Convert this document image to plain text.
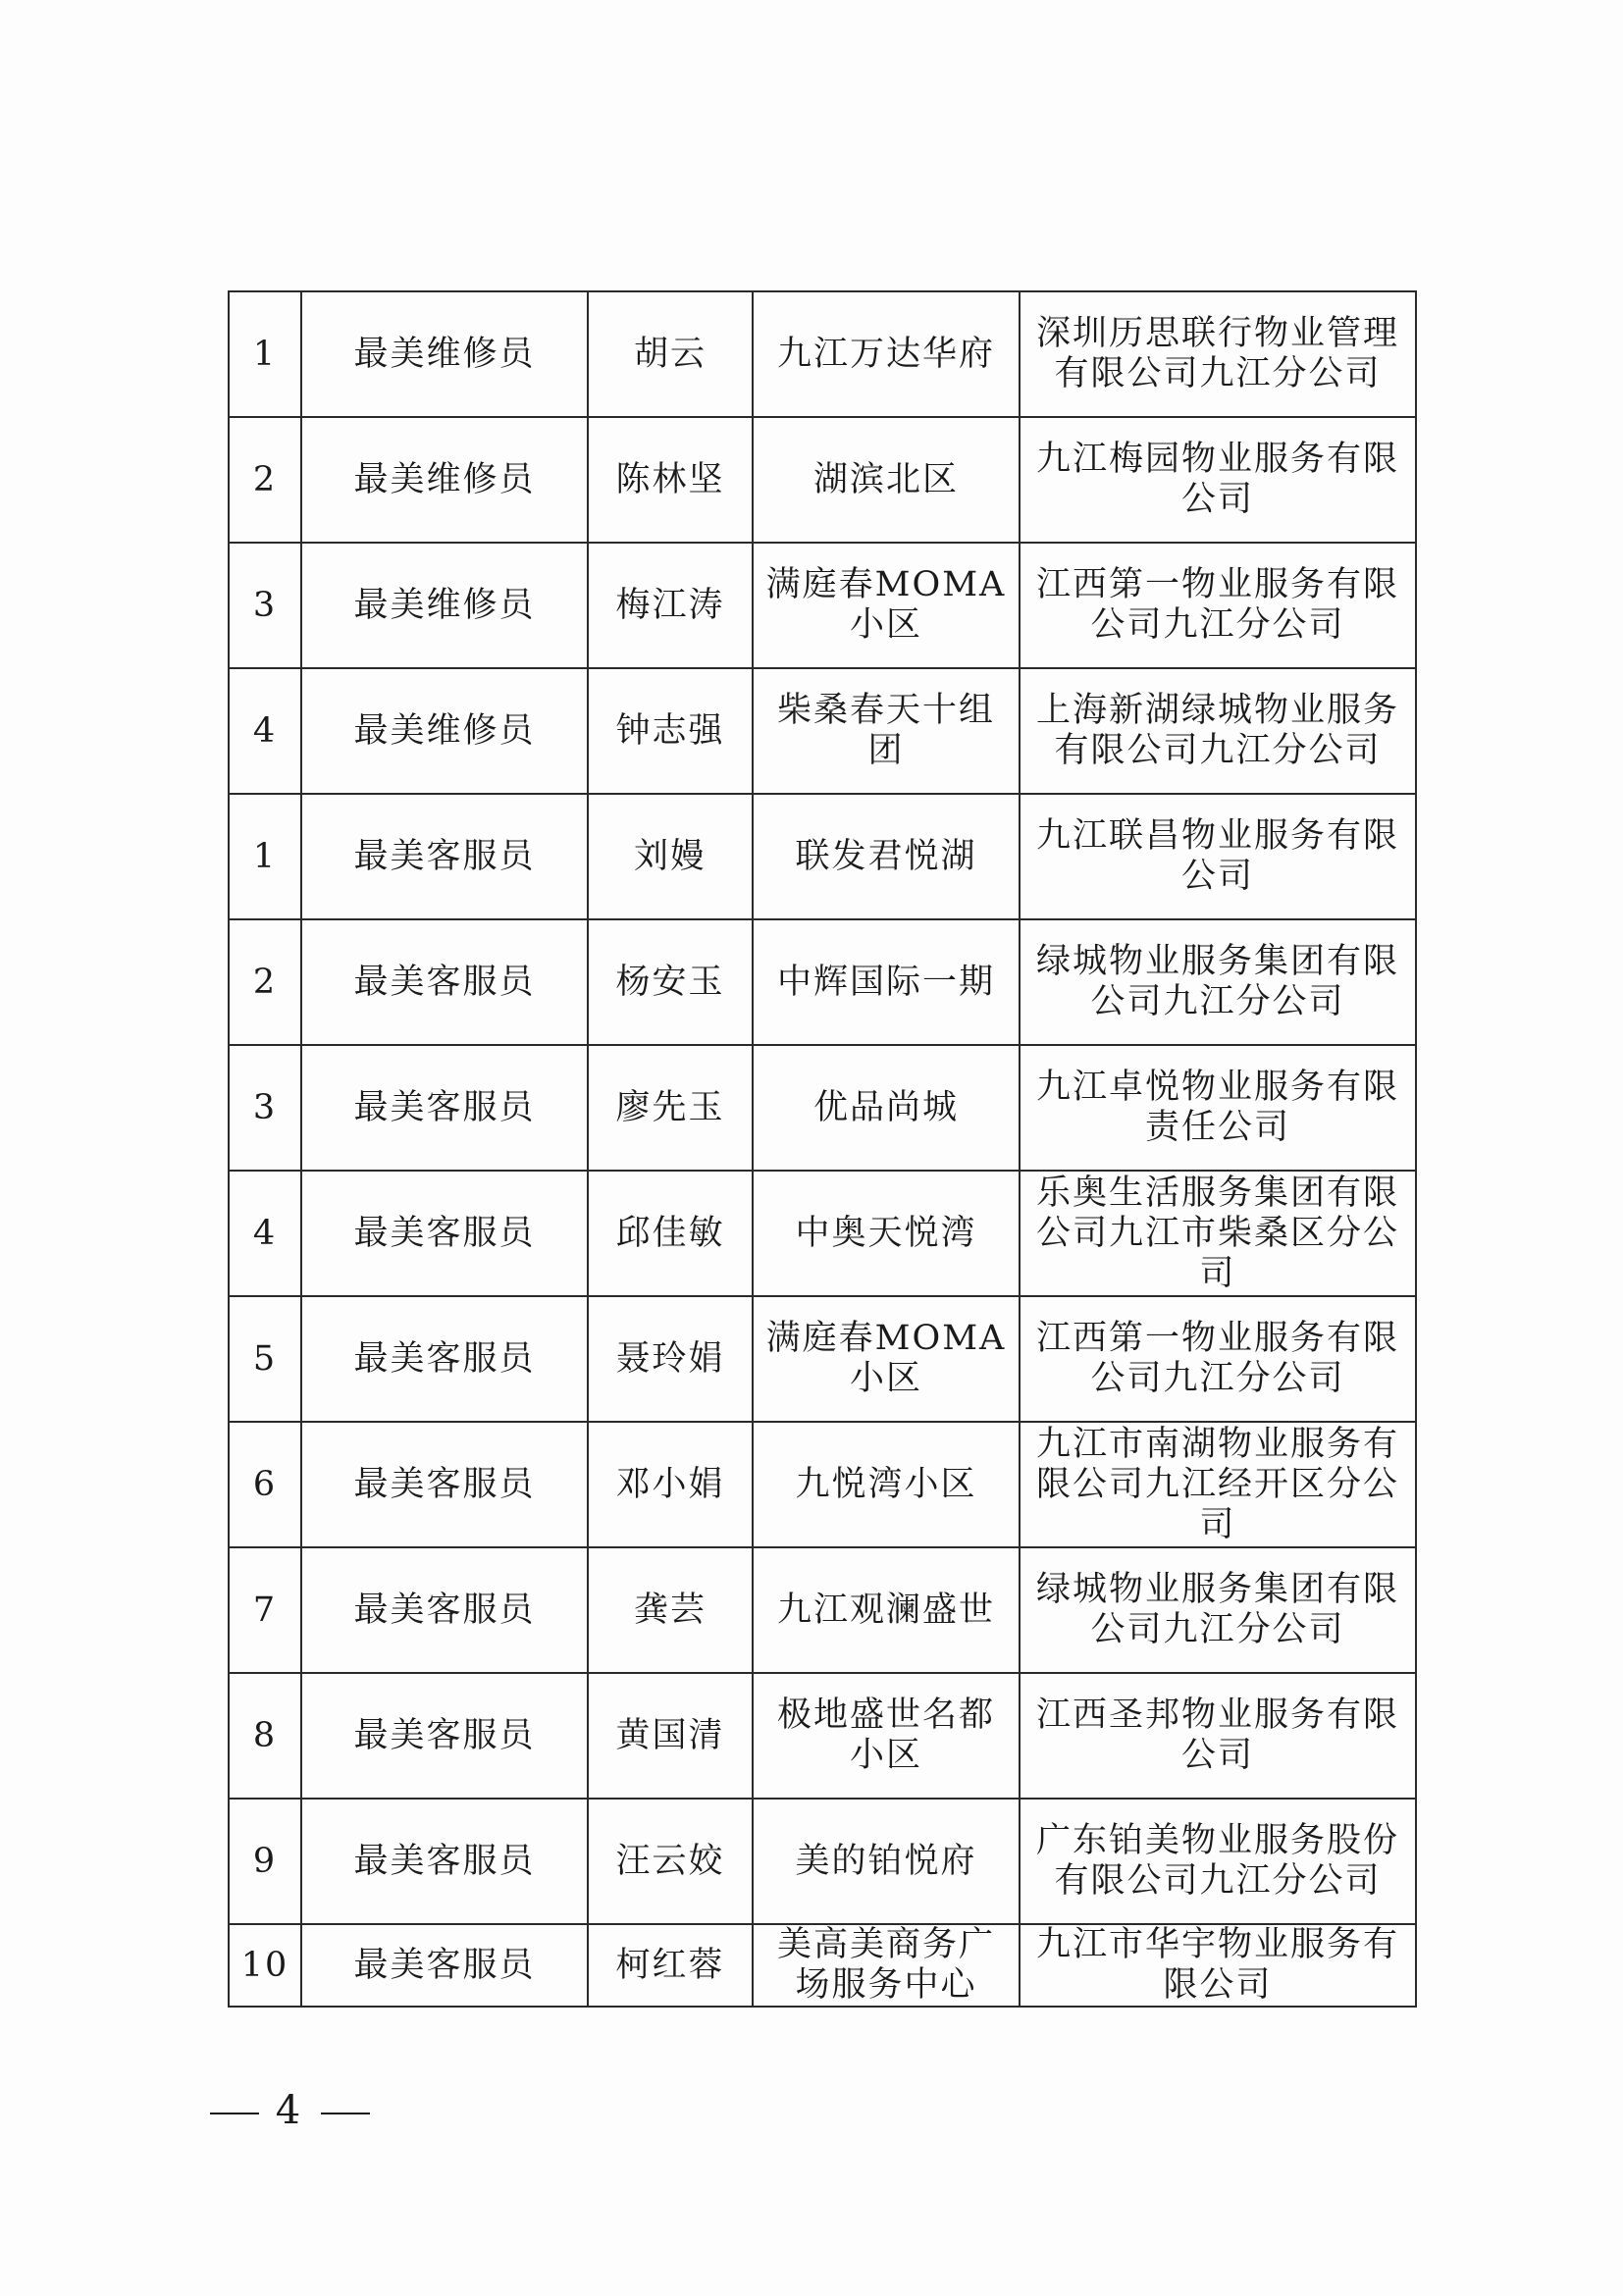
1	最美维修员	胡云	九江万达华府	深圳历思联行物业管理有限公司九江分公司
2	最美维修员	陈林坚	湖滨北区	九江梅园物业服务有限公司
3	最美维修员	梅江涛	满庭春MOMA小区	江西第一物业服务有限公司九江分公司
4	最美维修员	钟志强	柴桑春天十组团	上海新湖绿城物业服务有限公司九江分公司
1	最美客服员	刘嫚	联发君悦湖	九江联昌物业服务有限公司
2	最美客服员	杨安玉	中辉国际一期	绿城物业服务集团有限公司九江分公司
3	最美客服员	廖先玉	优品尚城	九江卓悦物业服务有限责任公司
4	最美客服员	邱佳敏	中奥天悦湾	乐奥生活服务集团有限公司九江市柴桑区分公司
5	最美客服员	聂玲娟	满庭春MOMA小区	江西第一物业服务有限公司九江分公司
6	最美客服员	邓小娟	九悦湾小区	九江市南湖物业服务有限公司九江经开区分公司
7	最美客服员	龚芸	九江观澜盛世	绿城物业服务集团有限公司九江分公司
8	最美客服员	黄国清	极地盛世名都小区	江西圣邦物业服务有限公司
9	最美客服员	汪云姣	美的铂悦府	广东铂美物业服务股份有限公司九江分公司
10	最美客服员	柯红蓉	美高美商务广场服务中心	九江市华宇物业服务有限公司
4
